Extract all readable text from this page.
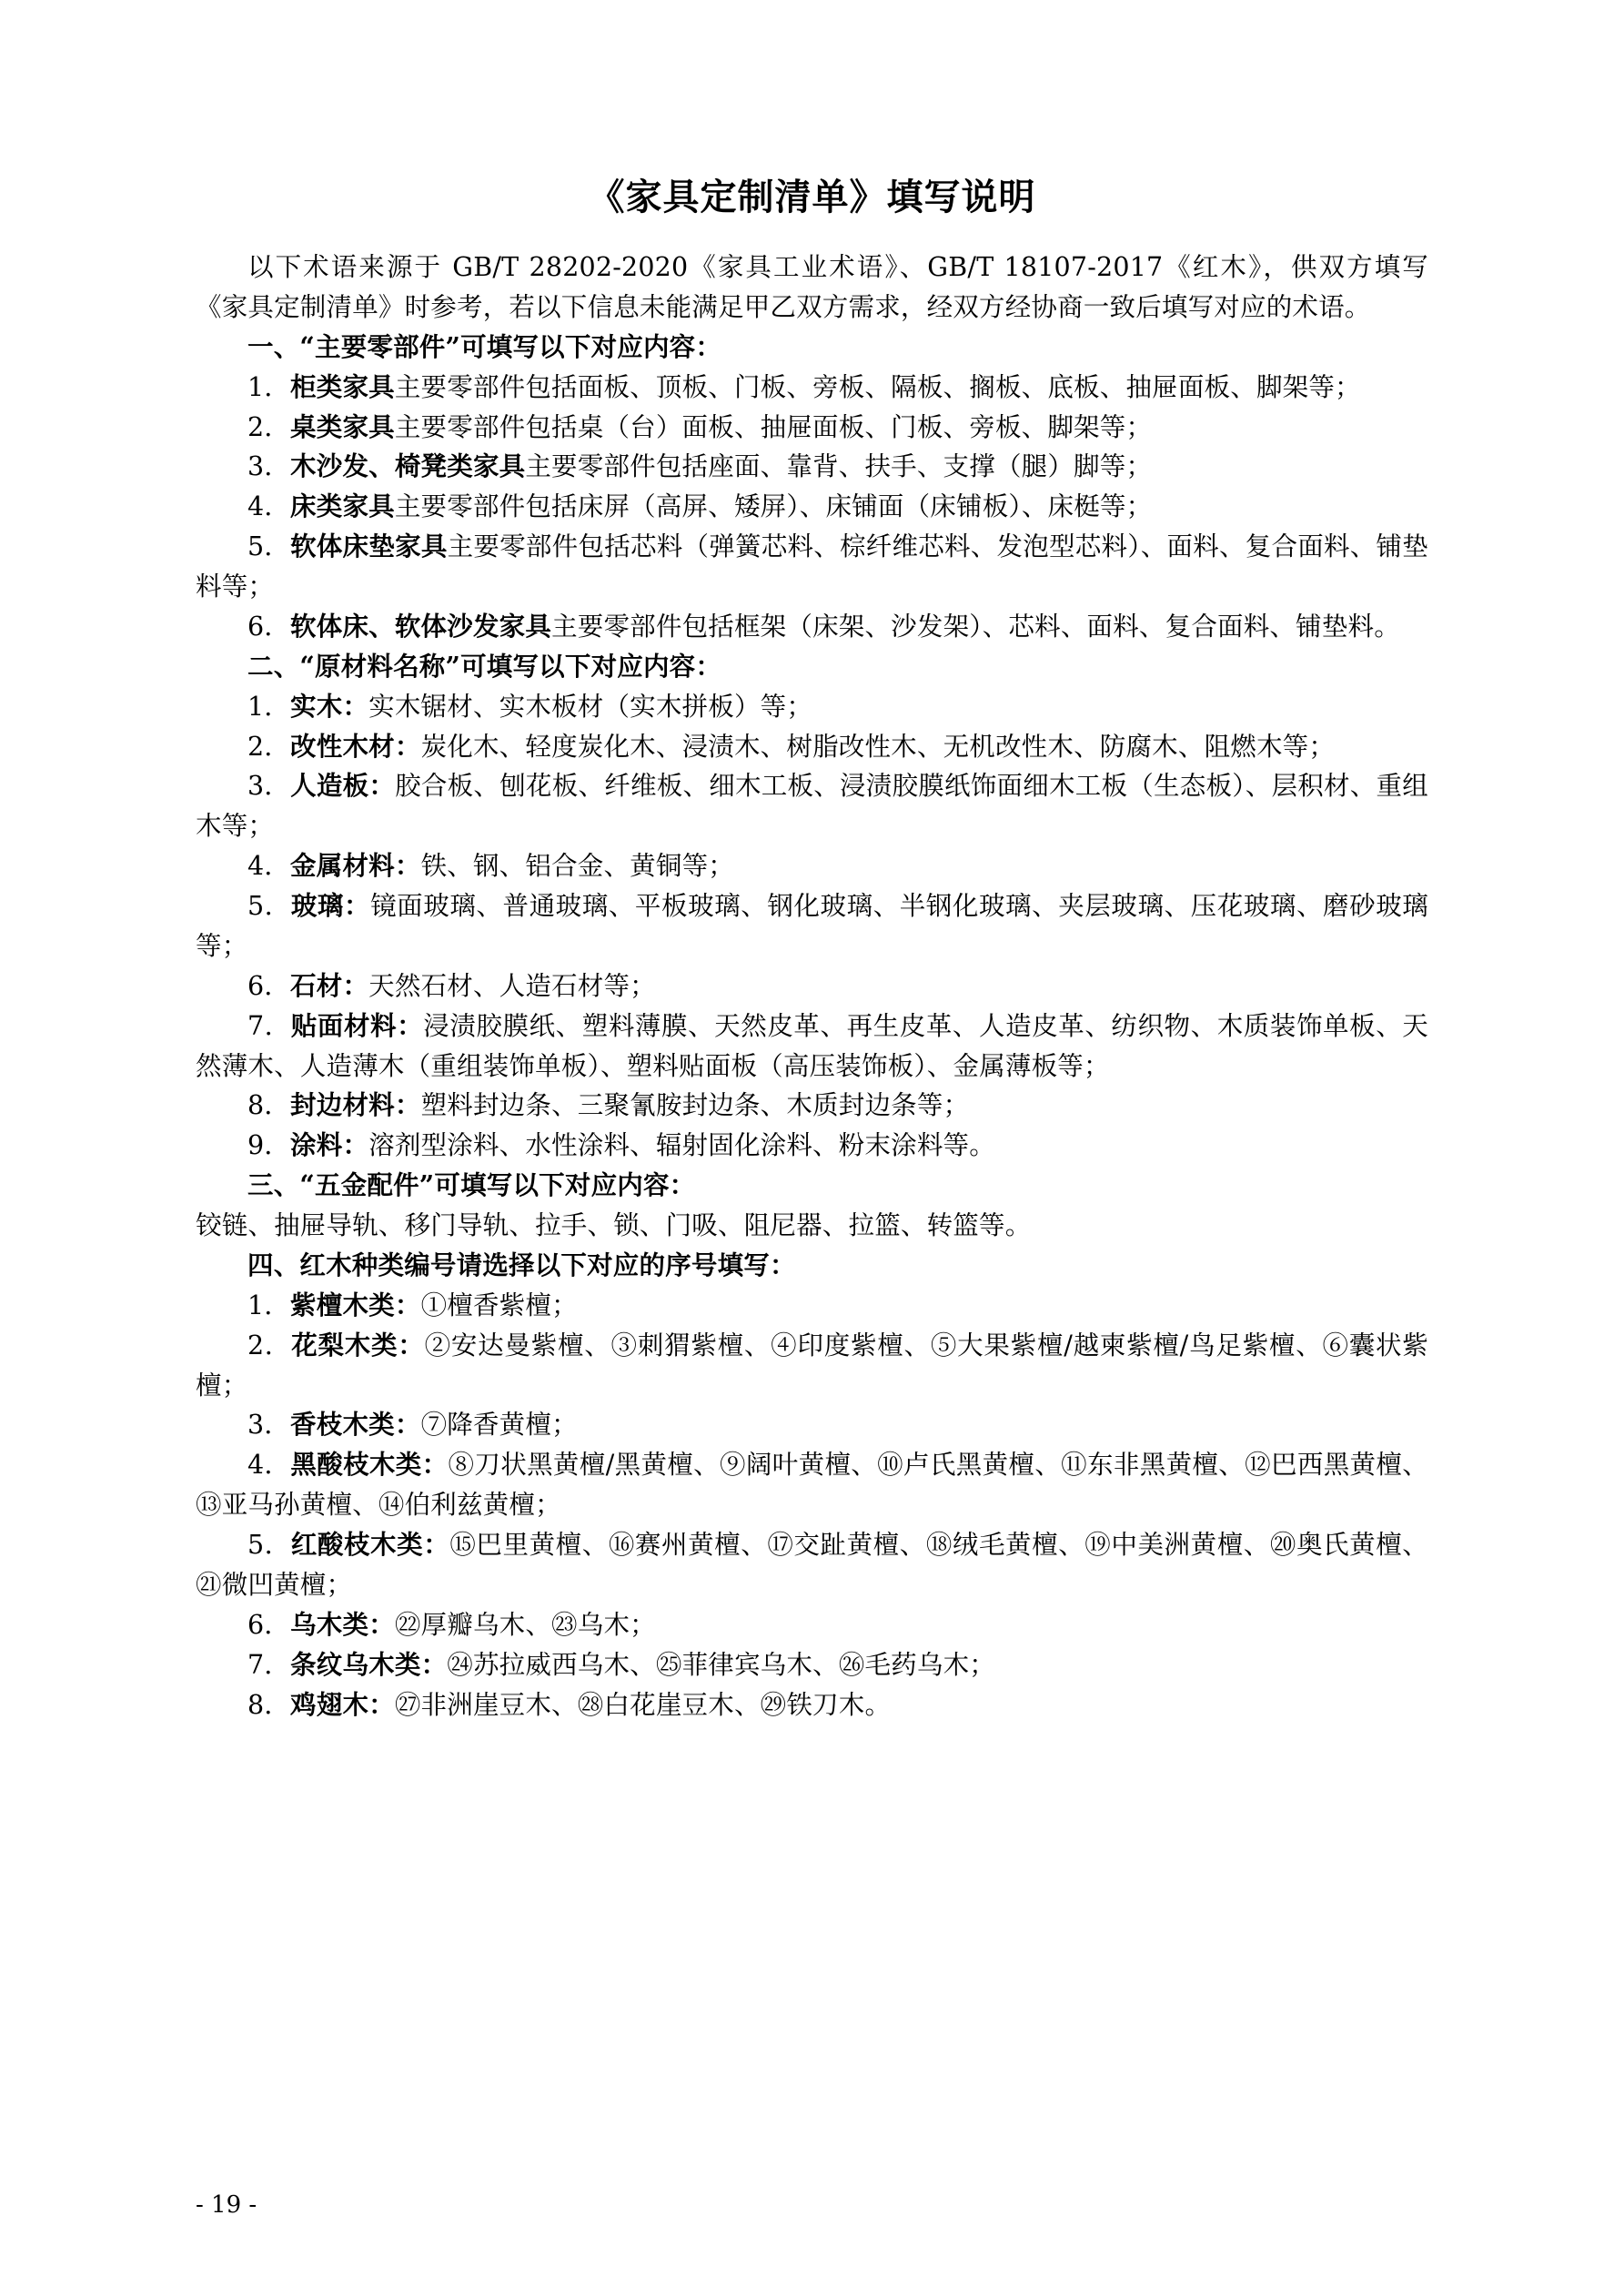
《家具定制清单》填写说明

以下术语来源于 GB/T 28202-2020《家具工业术语》、GB/T 18107-2017《红木》，供双方填写《家具定制清单》时参考，若以下信息未能满足甲乙双方需求，经双方经协商一致后填写对应的术语。

一、“主要零部件”可填写以下对应内容：

1．柜类家具主要零部件包括面板、顶板、门板、旁板、隔板、搁板、底板、抽屉面板、脚架等；

2．桌类家具主要零部件包括桌（台）面板、抽屉面板、门板、旁板、脚架等；

3．木沙发、椅凳类家具主要零部件包括座面、靠背、扶手、支撑（腿）脚等；

4．床类家具主要零部件包括床屏（高屏、矮屏）、床铺面（床铺板）、床梃等；

5．软体床垫家具主要零部件包括芯料（弹簧芯料、棕纤维芯料、发泡型芯料）、面料、复合面料、铺垫料等；

6．软体床、软体沙发家具主要零部件包括框架（床架、沙发架）、芯料、面料、复合面料、铺垫料。

二、“原材料名称”可填写以下对应内容：

1．实木：实木锯材、实木板材（实木拼板）等；

2．改性木材：炭化木、轻度炭化木、浸渍木、树脂改性木、无机改性木、防腐木、阻燃木等；

3．人造板：胶合板、刨花板、纤维板、细木工板、浸渍胶膜纸饰面细木工板（生态板）、层积材、重组木等；

4．金属材料：铁、钢、铝合金、黄铜等；

5．玻璃：镜面玻璃、普通玻璃、平板玻璃、钢化玻璃、半钢化玻璃、夹层玻璃、压花玻璃、磨砂玻璃等；

6．石材：天然石材、人造石材等；

7．贴面材料：浸渍胶膜纸、塑料薄膜、天然皮革、再生皮革、人造皮革、纺织物、木质装饰单板、天然薄木、人造薄木（重组装饰单板）、塑料贴面板（高压装饰板）、金属薄板等；

8．封边材料：塑料封边条、三聚氰胺封边条、木质封边条等；

9．涂料：溶剂型涂料、水性涂料、辐射固化涂料、粉末涂料等。

三、“五金配件”可填写以下对应内容：

铰链、抽屉导轨、移门导轨、拉手、锁、门吸、阻尼器、拉篮、转篮等。

四、红木种类编号请选择以下对应的序号填写：

1．紫檀木类：①檀香紫檀；

2．花梨木类：②安达曼紫檀、③刺猬紫檀、④印度紫檀、⑤大果紫檀/越柬紫檀/鸟足紫檀、⑥囊状紫檀；

3．香枝木类：⑦降香黄檀；

4．黑酸枝木类：⑧刀状黑黄檀/黑黄檀、⑨阔叶黄檀、⑩卢氏黑黄檀、⑪东非黑黄檀、⑫巴西黑黄檀、⑬亚马孙黄檀、⑭伯利兹黄檀；

5．红酸枝木类：⑮巴里黄檀、⑯赛州黄檀、⑰交趾黄檀、⑱绒毛黄檀、⑲中美洲黄檀、⑳奥氏黄檀、㉑微凹黄檀；

6．乌木类：㉒厚瓣乌木、㉓乌木；

7．条纹乌木类：㉔苏拉威西乌木、㉕菲律宾乌木、㉖毛药乌木；

8．鸡翅木：㉗非洲崖豆木、㉘白花崖豆木、㉙铁刀木。

- 19 -
